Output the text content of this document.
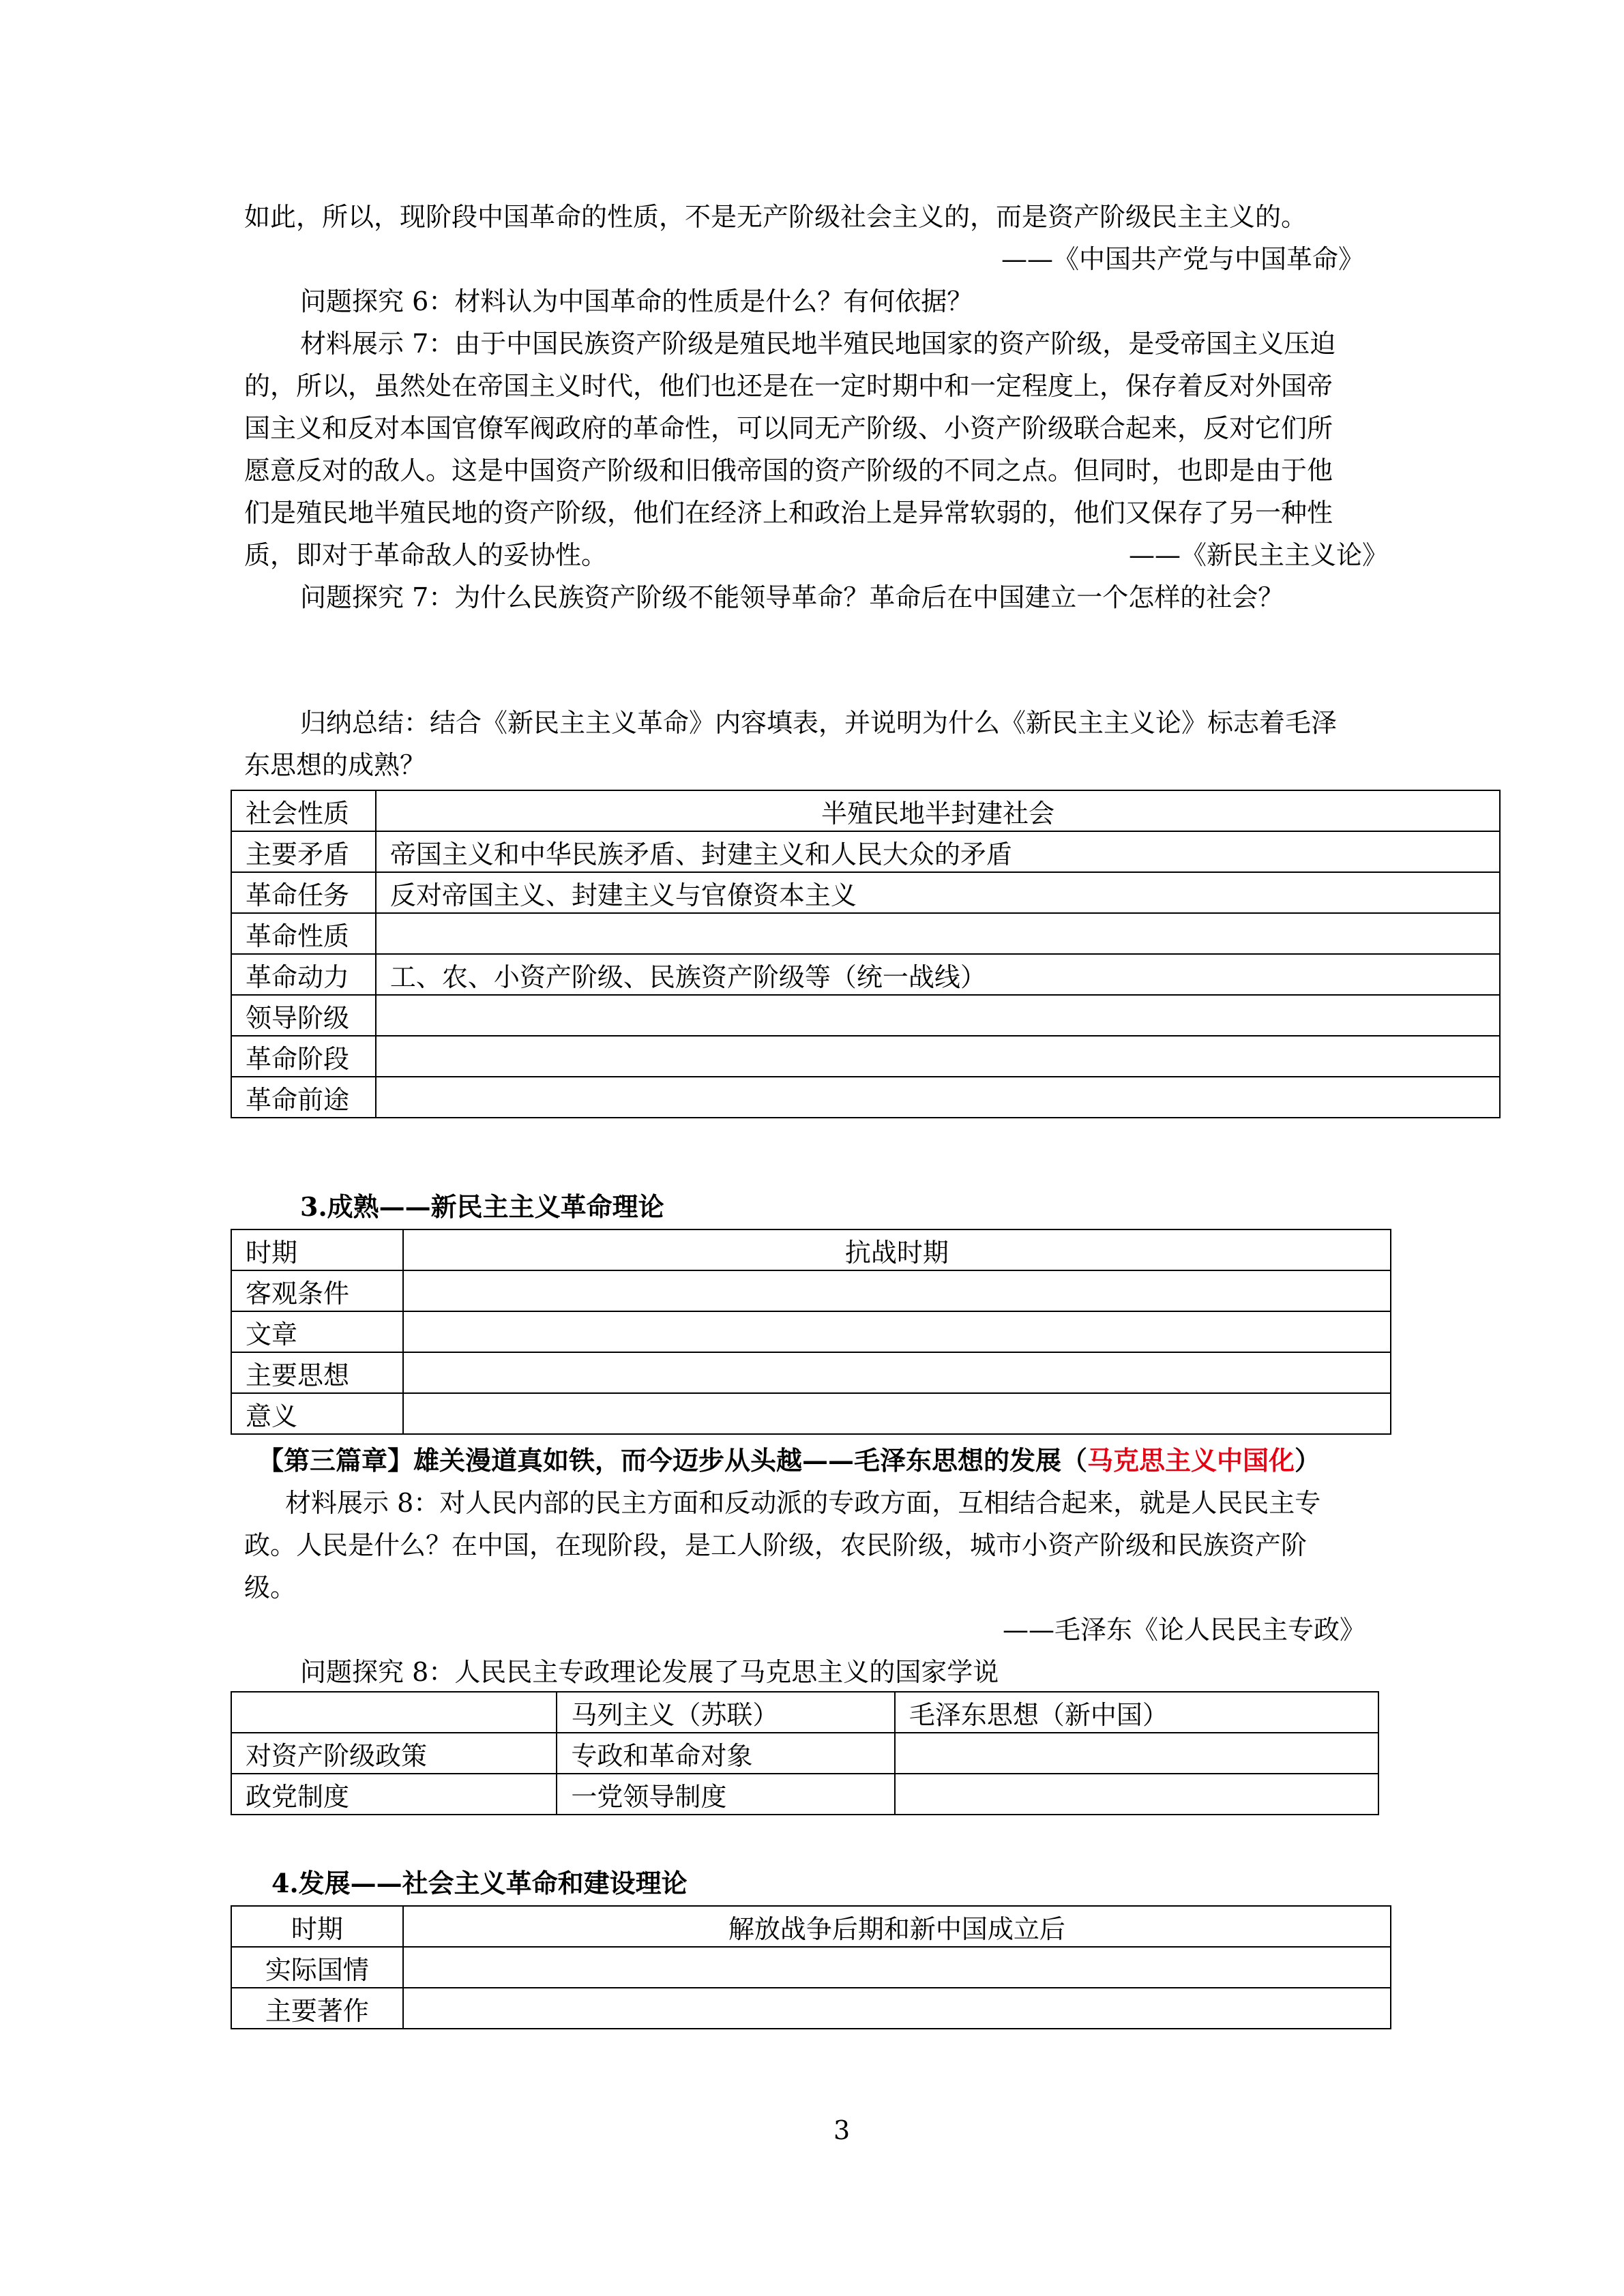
如此，所以，现阶段中国革命的性质，不是无产阶级社会主义的，而是资产阶级民主主义的。
——《中国共产党与中国革命》
问题探究 6：材料认为中国革命的性质是什么？有何依据？
材料展示 7：由于中国民族资产阶级是殖民地半殖民地国家的资产阶级，是受帝国主义压迫
的，所以，虽然处在帝国主义时代，他们也还是在一定时期中和一定程度上，保存着反对外国帝
国主义和反对本国官僚军阀政府的革命性，可以同无产阶级、小资产阶级联合起来，反对它们所
愿意反对的敌人。这是中国资产阶级和旧俄帝国的资产阶级的不同之点。但同时，也即是由于他
们是殖民地半殖民地的资产阶级，他们在经济上和政治上是异常软弱的，他们又保存了另一种性
质，即对于革命敌人的妥协性。	——《新民主主义论》
问题探究 7：为什么民族资产阶级不能领导革命？革命后在中国建立一个怎样的社会？
归纳总结：结合《新民主主义革命》内容填表，并说明为什么《新民主主义论》标志着毛泽
东思想的成熟？
社会性质	半殖民地半封建社会
主要矛盾	帝国主义和中华民族矛盾、封建主义和人民大众的矛盾
革命任务	反对帝国主义、封建主义与官僚资本主义
革命性质	
革命动力	工、农、小资产阶级、民族资产阶级等（统一战线）
领导阶级	
革命阶段	
革命前途	
3.成熟——新民主主义革命理论
时期	抗战时期
客观条件	
文章	
主要思想	
意义	
【第三篇章】雄关漫道真如铁，而今迈步从头越——毛泽东思想的发展（马克思主义中国化）
材料展示 8：对人民内部的民主方面和反动派的专政方面，互相结合起来，就是人民民主专
政。人民是什么？在中国，在现阶段，是工人阶级，农民阶级，城市小资产阶级和民族资产阶
级。
——毛泽东《论人民民主专政》
问题探究 8：人民民主专政理论发展了马克思主义的国家学说
	马列主义（苏联）	毛泽东思想（新中国）
对资产阶级政策	专政和革命对象	
政党制度	一党领导制度	
4.发展——社会主义革命和建设理论
时期	解放战争后期和新中国成立后
实际国情	
主要著作	
3
